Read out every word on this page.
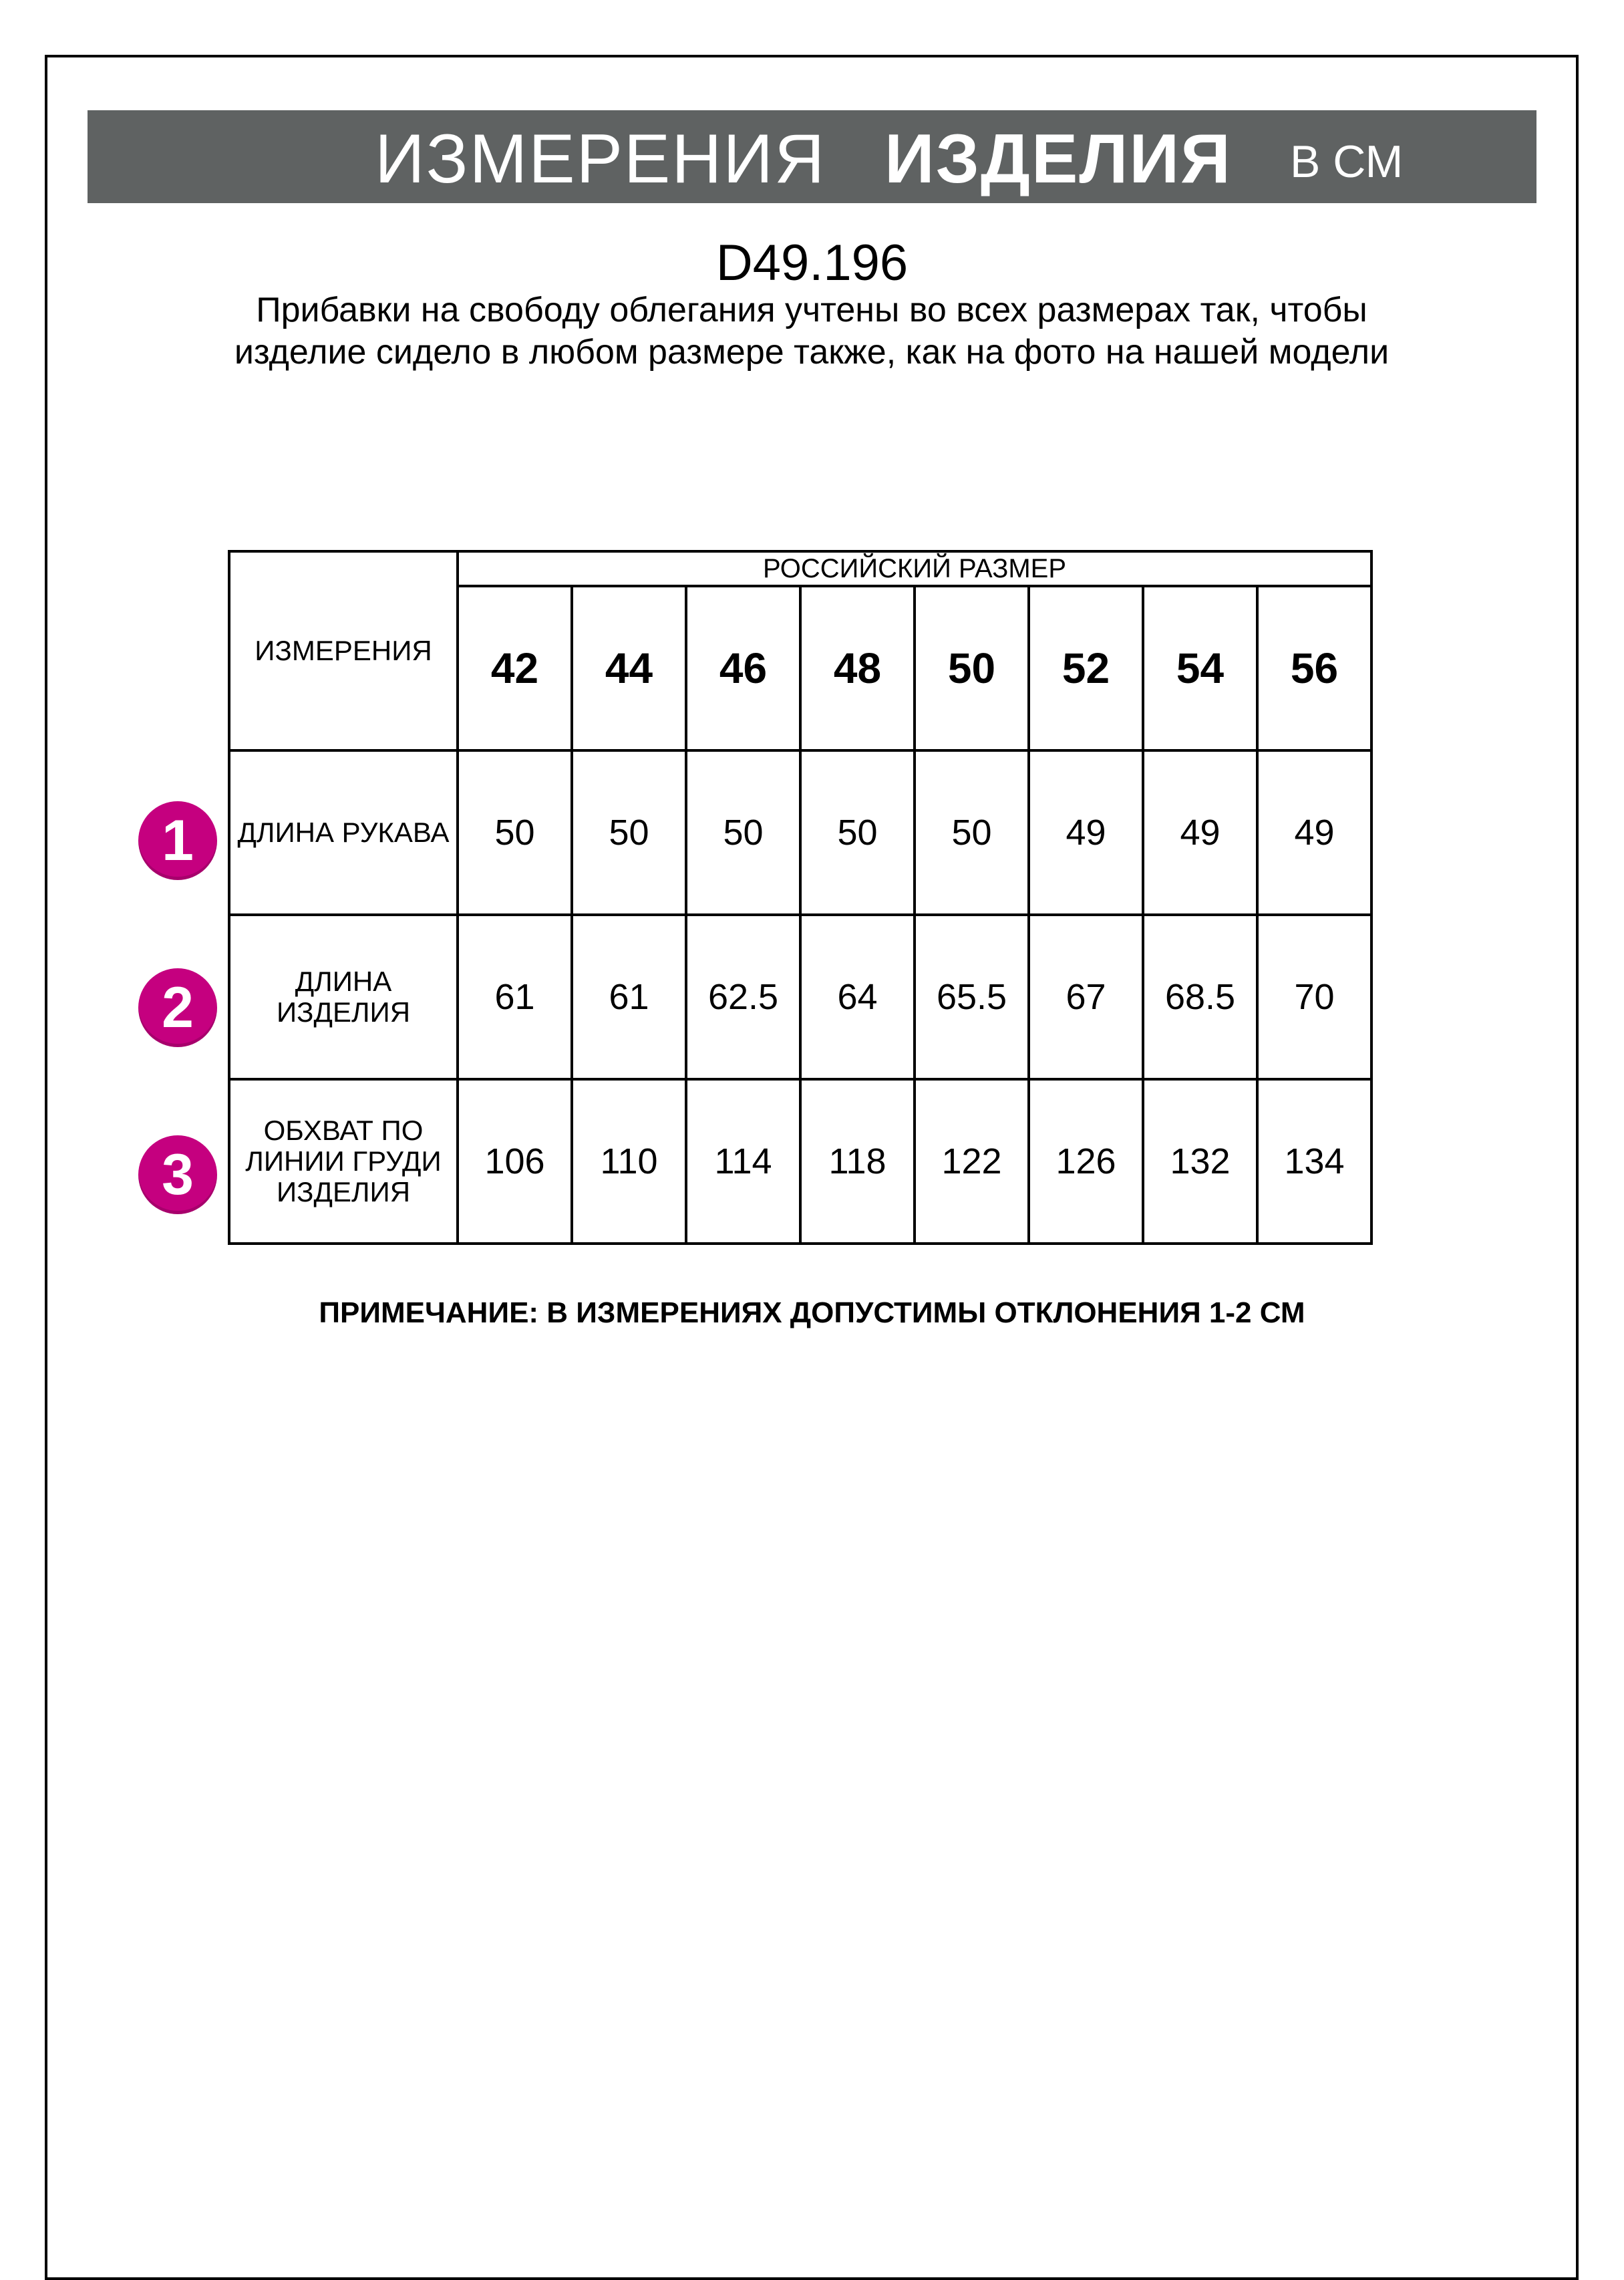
ИЗМЕРЕНИЯ ИЗДЕЛИЯ В СМ
D49.196
Прибавки на свободу облегания учтены во всех размерах так, чтобы изделие сидело в любом размере также, как на фото на нашей модели
ИЗМЕРЕНИЯ	РОССИЙСКИЙ РАЗМЕР							
	42	44	46	48	50	52	54	56
ДЛИНА РУКАВА	50	50	50	50	50	49	49	49
ДЛИНА ИЗДЕЛИЯ	61	61	62.5	64	65.5	67	68.5	70
ОБХВАТ ПО ЛИНИИ ГРУДИ ИЗДЕЛИЯ	106	110	114	118	122	126	132	134
1
2
3
ПРИМЕЧАНИЕ: В ИЗМЕРЕНИЯХ ДОПУСТИМЫ ОТКЛОНЕНИЯ 1-2 СМ
